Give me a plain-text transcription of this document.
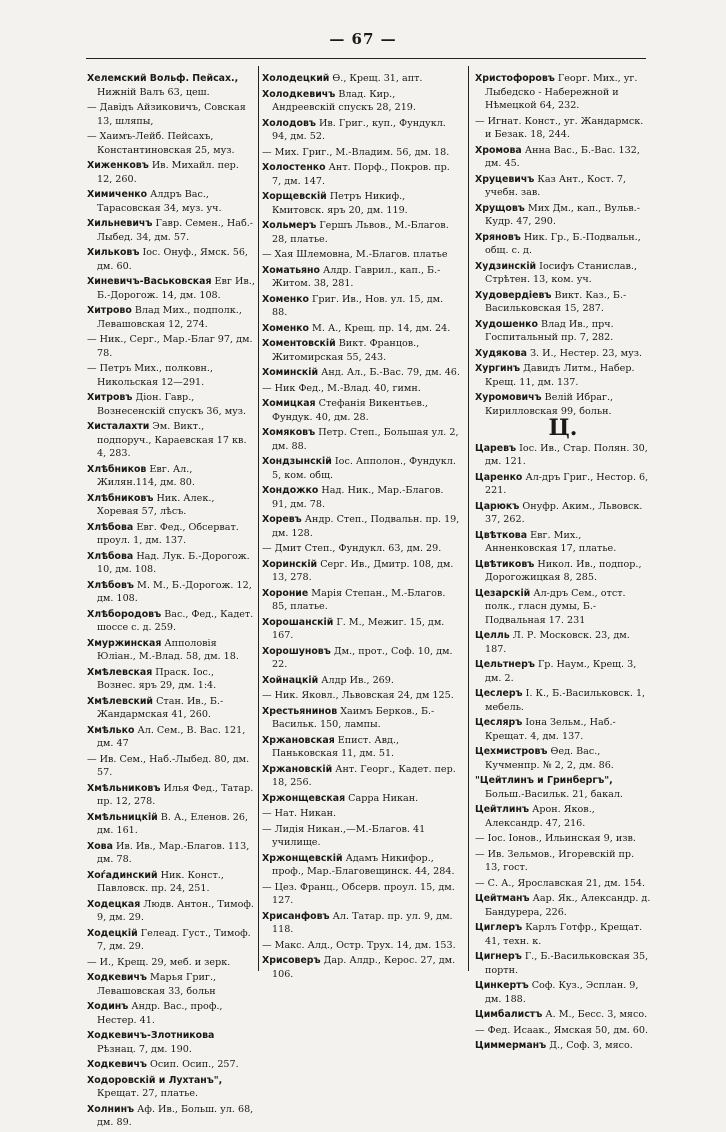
— 67 —
Хелемский Вольф. Пейсах., Нижній Валъ 63, цеш.
— Давідъ Айзиковичъ, Совская 13, шляпы,
— Хаимъ-Лейб. Пейсахъ, Константиновская 25, муз.
Хиженковъ Ив. Михайл. пер. 12, 260.
Химиченко Алдръ Вас., Тарасовская 34, муз. уч.
Хильневичъ Гавр. Семен., Наб.-Лыбед. 34, дм. 57.
Хильковъ Іос. Онуф., Ямск. 56, дм. 60.
Хиневичъ-Васьковская Евг Ив., Б.-Дорогож. 14, дм. 108.
Хитрово Влад Мих., подполк., Левашовская 12, 274.
— Ник., Серг., Мар.-Благ 97, дм. 78.
— Петръ Мих., полковн., Никольская 12—291.
Хитровъ Діон. Гавр., Вознесенскій спускъ 36, муз.
Хисталахти Эм. Викт., подпоруч., Караевская 17 кв. 4, 283.
Хлѣбников Евг. Ал., Жилян.114, дм. 80.
Хлѣбниковъ Ник. Алек., Хоревая 57, лѣсъ.
Хлѣбова Евг. Фед., Обсерват. проул. 1, дм. 137.
Хлѣбова Над. Лук. Б.-Дорогож. 10, дм. 108.
Хлѣбовъ М. М., Б.-Дорогож. 12, дм. 108.
Хлѣбородовъ Вас., Фед., Кадет. шоссе с. д. 259.
Хмуржинская Апполовія Юліан., М.-Влад. 58, дм. 18.
Хмѣлевская Праск. Іос., Вознес. яръ 29, дм. 1:4.
Хмѣлевский Стан. Ив., Б.-Жандармская 41, 260.
Хмѣлько Ал. Сем., В. Вас. 121, дм. 47
— Ив. Сем., Наб.-Лыбед. 80, дм. 57.
Хмѣльниковъ Илья Фед., Татар. пр. 12, 278.
Хмѣльницкій В. А., Еленов. 26, дм. 161.
Хова Ив. Ив., Мар.-Благов. 113, дм. 78.
Хоѓадинский Ник. Конст., Павловск. пр. 24, 251.
Ходецкая Людв. Антон., Тимоф. 9, дм. 29.
Ходецкій Гелеад. Густ., Тимоф. 7, дм. 29.
— И., Крещ. 29, меб. и зерк.
Ходкевичъ Марья Григ., Левашовская 33, больн
Ходинъ Андр. Вас., проф., Нестер. 41.
Ходкевичъ-Злотникова Рѣзнац. 7, дм. 190.
Ходкевичъ Осип. Осип., 257.
Ходоровскій и Лухтанъ", Крещат. 27, платье.
Холнинъ Аф. Ив., Больш. ул. 68, дм. 89.
Холодецкий Ѳ., Крещ. 31, апт.
Холодкевичъ Влад. Кир., Андреевскій спускъ 28, 219.
Холодовъ Ив. Григ., куп., Фундукл. 94, дм. 52.
— Мих. Григ., М.-Владим. 56, дм. 18.
Холостенко Ант. Порф., Покров. пр. 7, дм. 147.
Хорщевскій Петръ Никиф., Кмитовск. яръ 20, дм. 119.
Хольмеръ Гершъ Львов., М.-Благов. 28, платье.
— Хая Шлемовна, М.-Благов. платье
Хоматьяно Алдр. Гаврил., кап., Б.-Житом. 38, 281.
Хоменко Григ. Ив., Нов. ул. 15, дм. 88.
Хоменко М. А., Крещ. пр. 14, дм. 24.
Хоментовскій Викт. Францов., Житомирская 55, 243.
Хоминскій Анд. Ал., Б.-Вас. 79, дм. 46.
— Ник Фед., М.-Влад. 40, гимн.
Хомицкая Стефанія Викентьев., Фундук. 40, дм. 28.
Хомяковъ Петр. Степ., Большая ул. 2, дм. 88.
Хондзынскій Іос. Апполон., Фундукл. 5, ком. общ.
Хондожко Над. Ник., Мар.-Благов. 91, дм. 78.
Хоревъ Андр. Степ., Подвальн. пр. 19, дм. 128.
— Дмит Степ., Фундукл. 63, дм. 29.
Хоринскій Серг. Ив., Дмитр. 108, дм. 13, 278.
Хороние Марія Степан., М.-Благов. 85, платье.
Хорошанскій Г. М., Межиг. 15, дм. 167.
Хорошуновъ Дм., прот., Соф. 10, дм. 22.
Хойнацкій Алдр Ив., 269.
— Ник. Яковл., Львовская 24, дм 125.
Хрестьянинов Хаимъ Берков., Б.-Васильк. 150, лампы.
Хржановская Епист. Авд., Паньковская 11, дм. 51.
Хржановскій Ант. Георг., Кадет. пер. 18, 256.
Хржонщевская Сарра Никан.
— Нат. Никан.
— Лидія Никан.,—М.-Благов. 41 училище.
Хржонщевскій Адамъ Никифор., проф., Мар.-Благовещинск. 44, 284.
— Цез. Франц., Обсерв. проул. 15, дм. 127.
Хрисанфовъ Ал. Татар. пр. ул. 9, дм. 118.
— Макс. Алд., Остр. Трух. 14, дм. 153.
Хрисоверъ Дар. Алдр., Керос. 27, дм. 106.
Христофоровъ Георг. Мих., уг. Лыбедско - Набережной и Нѣмецкой 64, 232.
— Игнат. Конст., уг. Жандармск. и Безак. 18, 244.
Хромова Анна Вас., Б.-Вас. 132, дм. 45.
Хруцевичъ Каз Ант., Кост. 7, учебн. зав.
Хрущовъ Мих Дм., кап., Вульв.-Кудр. 47, 290.
Хряновъ Ник. Гр., Б.-Подвальн., общ. с. д.
Худзинскій Іосифъ Станислав., Стрѣтен. 13, ком. уч.
Худовердіевъ Викт. Каз., Б.-Васильковская 15, 287.
Худошенко Влад Ив., прч. Госпитальный пр. 7, 282.
Худякова З. И., Нестер. 23, муз.
Хургинъ Давидъ Литм., Набер. Крещ. 11, дм. 137.
Хуромовичъ Велій Ибраг., Кирилловская 99, больн.
Ц.
Царевъ Іос. Ив., Стар. Полян. 30, дм. 121.
Царенко Ал-дръ Григ., Нестор. 6, 221.
Царюкъ Онуфр. Аким., Львовск. 37, 262.
Цвѣткова Евг. Мих., Анненковская 17, платье.
Цвѣтиковъ Никол. Ив., подпор., Дорогожицкая 8, 285.
Цезарскій Ал-дръ Сем., отст. полк., гласн думы, Б.-Подвальная 17. 231
Целль Л. Р. Московск. 23, дм. 187.
Цельтнеръ Гр. Наум., Крещ. 3, дм. 2.
Цеслеръ І. К., Б.-Васильковск. 1, мебель.
Цесляръ Іона Зельм., Наб.-Крещат. 4, дм. 137.
Цехмистровъ Ѳед. Вас., Кучменпр. № 2, 2, дм. 86.
"Цейтлинъ и Гринбергъ", Больш.-Васильк. 21, бакал.
Цейтлинъ Арон. Яков., Александр. 47, 216.
— Іос. Іонов., Ильинская 9, изв.
— Ив. Зельмов., Игоревскій пр. 13, гост.
— С. А., Ярославская 21, дм. 154.
Цейтманъ Аар. Як., Александр. д. Бандурера, 226.
Циглеръ Карлъ Готфр., Крещат. 41, техн. к.
Цигнеръ Г., Б.-Васильковская 35, портн.
Цинкертъ Соф. Куз., Эсплан. 9, дм. 188.
Цимбалистъ А. М., Бесс. 3, мясо.
— Фед. Исаак., Ямская 50, дм. 60.
Циммерманъ Д., Соф. 3, мясо.
